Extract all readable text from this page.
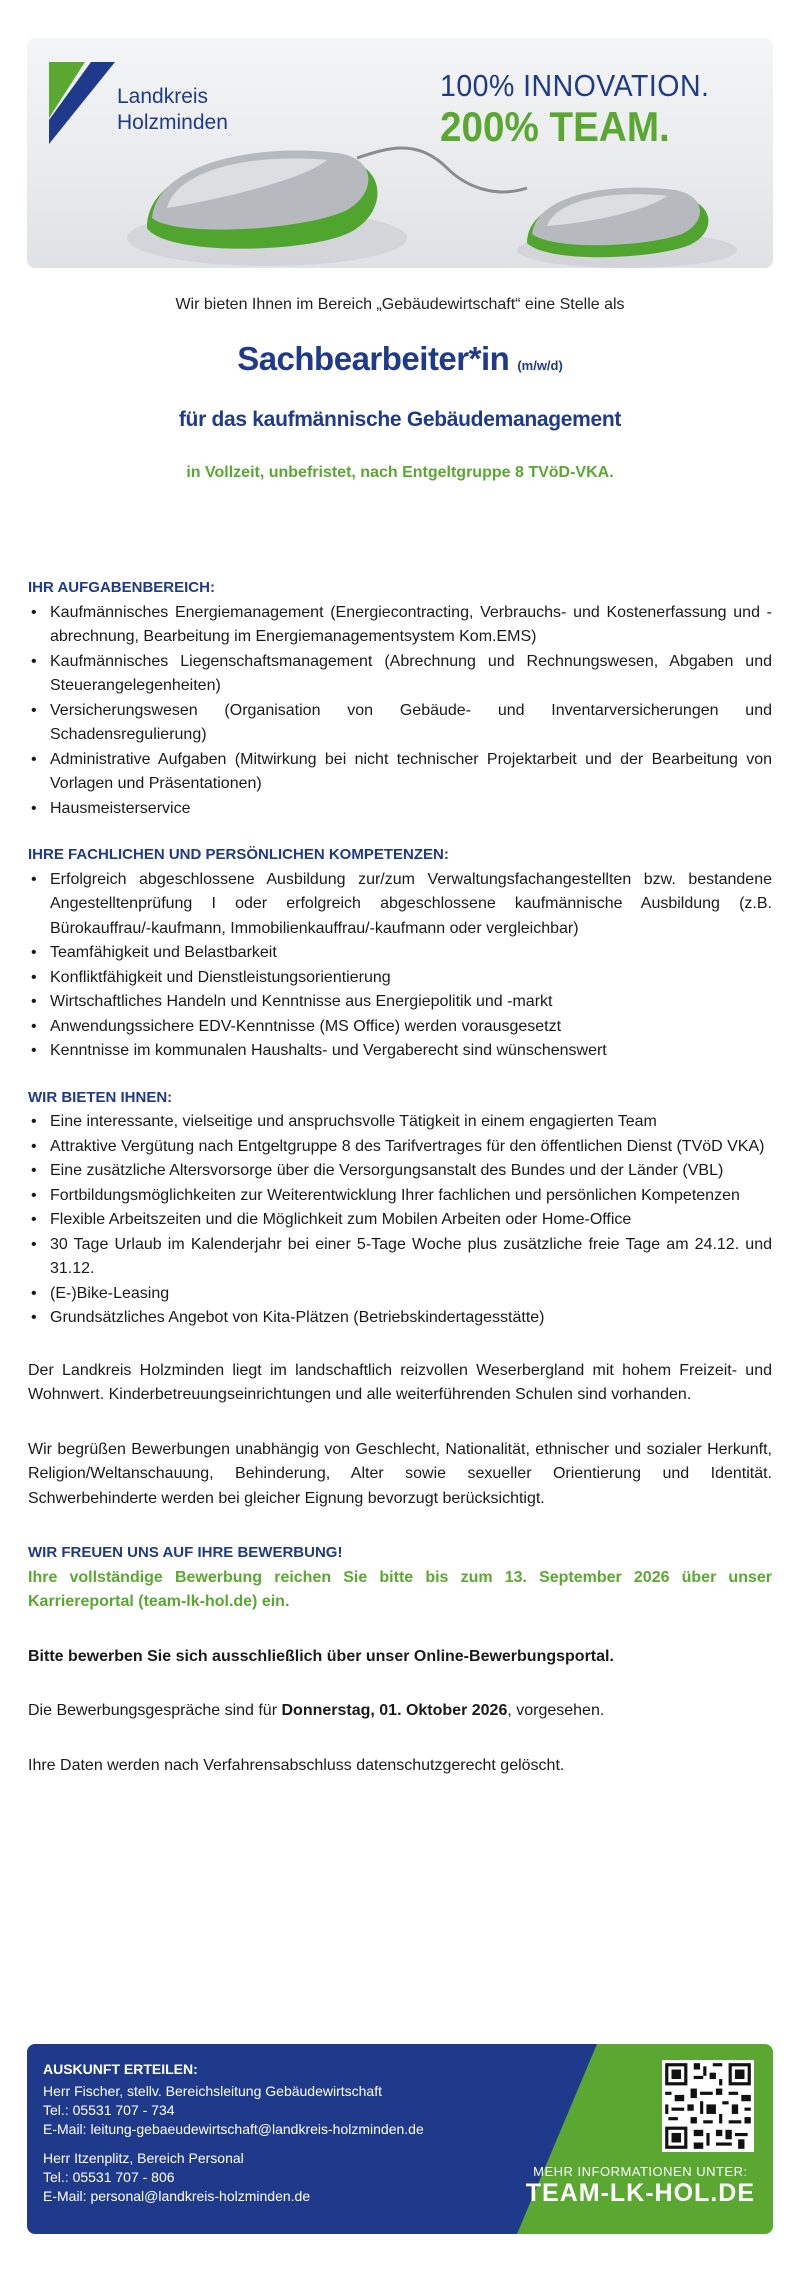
Landkreis
Holzminden
100% INNOVATION.
200% TEAM.
Wir bieten Ihnen im Bereich „Gebäudewirtschaft“ eine Stelle als
Sachbearbeiter*in (m/w/d)
für das kaufmännische Gebäudemanagement
in Vollzeit, unbefristet, nach Entgeltgruppe 8 TVöD-VKA.
IHR AUFGABENBEREICH:
• Kaufmännisches Energiemanagement (Energiecontracting, Verbrauchs- und Kostenerfassung und -abrechnung, Bearbeitung im Energiemanagementsystem Kom.EMS)
• Kaufmännisches Liegenschaftsmanagement (Abrechnung und Rechnungswesen, Abgaben und Steuerangelegenheiten)
• Versicherungswesen (Organisation von Gebäude- und Inventarversicherungen und Schadensregulierung)
• Administrative Aufgaben (Mitwirkung bei nicht technischer Projektarbeit und der Bearbeitung von Vorlagen und Präsentationen)
• Hausmeisterservice
IHRE FACHLICHEN UND PERSÖNLICHEN KOMPETENZEN:
• Erfolgreich abgeschlossene Ausbildung zur/zum Verwaltungsfachangestellten bzw. bestandene Angestelltenprüfung I oder erfolgreich abgeschlossene kaufmännische Ausbildung (z.B. Bürokauffrau/-kaufmann, Immobilienkauffrau/-kaufmann oder vergleichbar)
• Teamfähigkeit und Belastbarkeit
• Konfliktfähigkeit und Dienstleistungsorientierung
• Wirtschaftliches Handeln und Kenntnisse aus Energiepolitik und -markt
• Anwendungssichere EDV-Kenntnisse (MS Office) werden vorausgesetzt
• Kenntnisse im kommunalen Haushalts- und Vergaberecht sind wünschenswert
WIR BIETEN IHNEN:
• Eine interessante, vielseitige und anspruchsvolle Tätigkeit in einem engagierten Team
• Attraktive Vergütung nach Entgeltgruppe 8 des Tarifvertrages für den öffentlichen Dienst (TVöD VKA)
• Eine zusätzliche Altersvorsorge über die Versorgungsanstalt des Bundes und der Länder (VBL)
• Fortbildungsmöglichkeiten zur Weiterentwicklung Ihrer fachlichen und persönlichen Kompetenzen
• Flexible Arbeitszeiten und die Möglichkeit zum Mobilen Arbeiten oder Home-Office
• 30 Tage Urlaub im Kalenderjahr bei einer 5-Tage Woche plus zusätzliche freie Tage am 24.12. und 31.12.
• (E-)Bike-Leasing
• Grundsätzliches Angebot von Kita-Plätzen (Betriebskindertagesstätte)

Der Landkreis Holzminden liegt im landschaftlich reizvollen Weserbergland mit hohem Freizeit- und Wohnwert. Kinderbetreuungseinrichtungen und alle weiterführenden Schulen sind vorhanden.

Wir begrüßen Bewerbungen unabhängig von Geschlecht, Nationalität, ethnischer und sozialer Herkunft, Religion/Weltanschauung, Behinderung, Alter sowie sexueller Orientierung und Identität. Schwerbehinderte werden bei gleicher Eignung bevorzugt berücksichtigt.

WIR FREUEN UNS AUF IHRE BEWERBUNG!

Ihre vollständige Bewerbung reichen Sie bitte bis zum 13. September 2026 über unser Karriereportal (team-lk-hol.de) ein.

Bitte bewerben Sie sich ausschließlich über unser Online-Bewerbungsportal.

Die Bewerbungsgespräche sind für Donnerstag, 01. Oktober 2026, vorgesehen.

Ihre Daten werden nach Verfahrensabschluss datenschutzgerecht gelöscht.

AUSKUNFT ERTEILEN:
Herr Fischer, stellv. Bereichsleitung Gebäudewirtschaft
Tel.: 05531 707 - 734
E-Mail: leitung-gebaeudewirtschaft@landkreis-holzminden.de
Herr Itzenplitz, Bereich Personal
Tel.: 05531 707 - 806
E-Mail: personal@landkreis-holzminden.de
MEHR INFORMATIONEN UNTER:
TEAM-LK-HOL.DE
